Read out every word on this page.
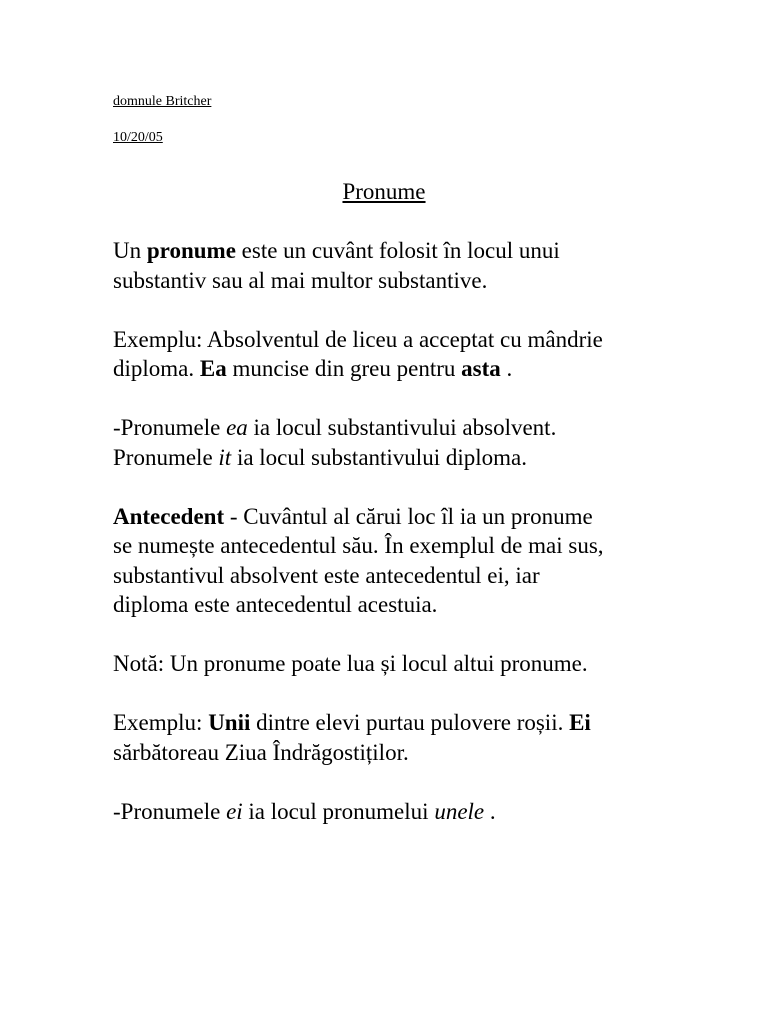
domnule Britcher
10/20/05
Pronume
Un pronume este un cuvânt folosit în locul unui
substantiv sau al mai multor substantive.
Exemplu: Absolventul de liceu a acceptat cu mândrie
diploma. Ea muncise din greu pentru asta .
-Pronumele ea ia locul substantivului absolvent.
Pronumele it ia locul substantivului diploma.
Antecedent - Cuvântul al cărui loc îl ia un pronume
se numește antecedentul său. În exemplul de mai sus,
substantivul absolvent este antecedentul ei, iar
diploma este antecedentul acestuia.
Notă: Un pronume poate lua și locul altui pronume.
Exemplu: Unii dintre elevi purtau pulovere roșii. Ei
sărbătoreau Ziua Îndrăgostiților.
-Pronumele ei ia locul pronumelui unele .
